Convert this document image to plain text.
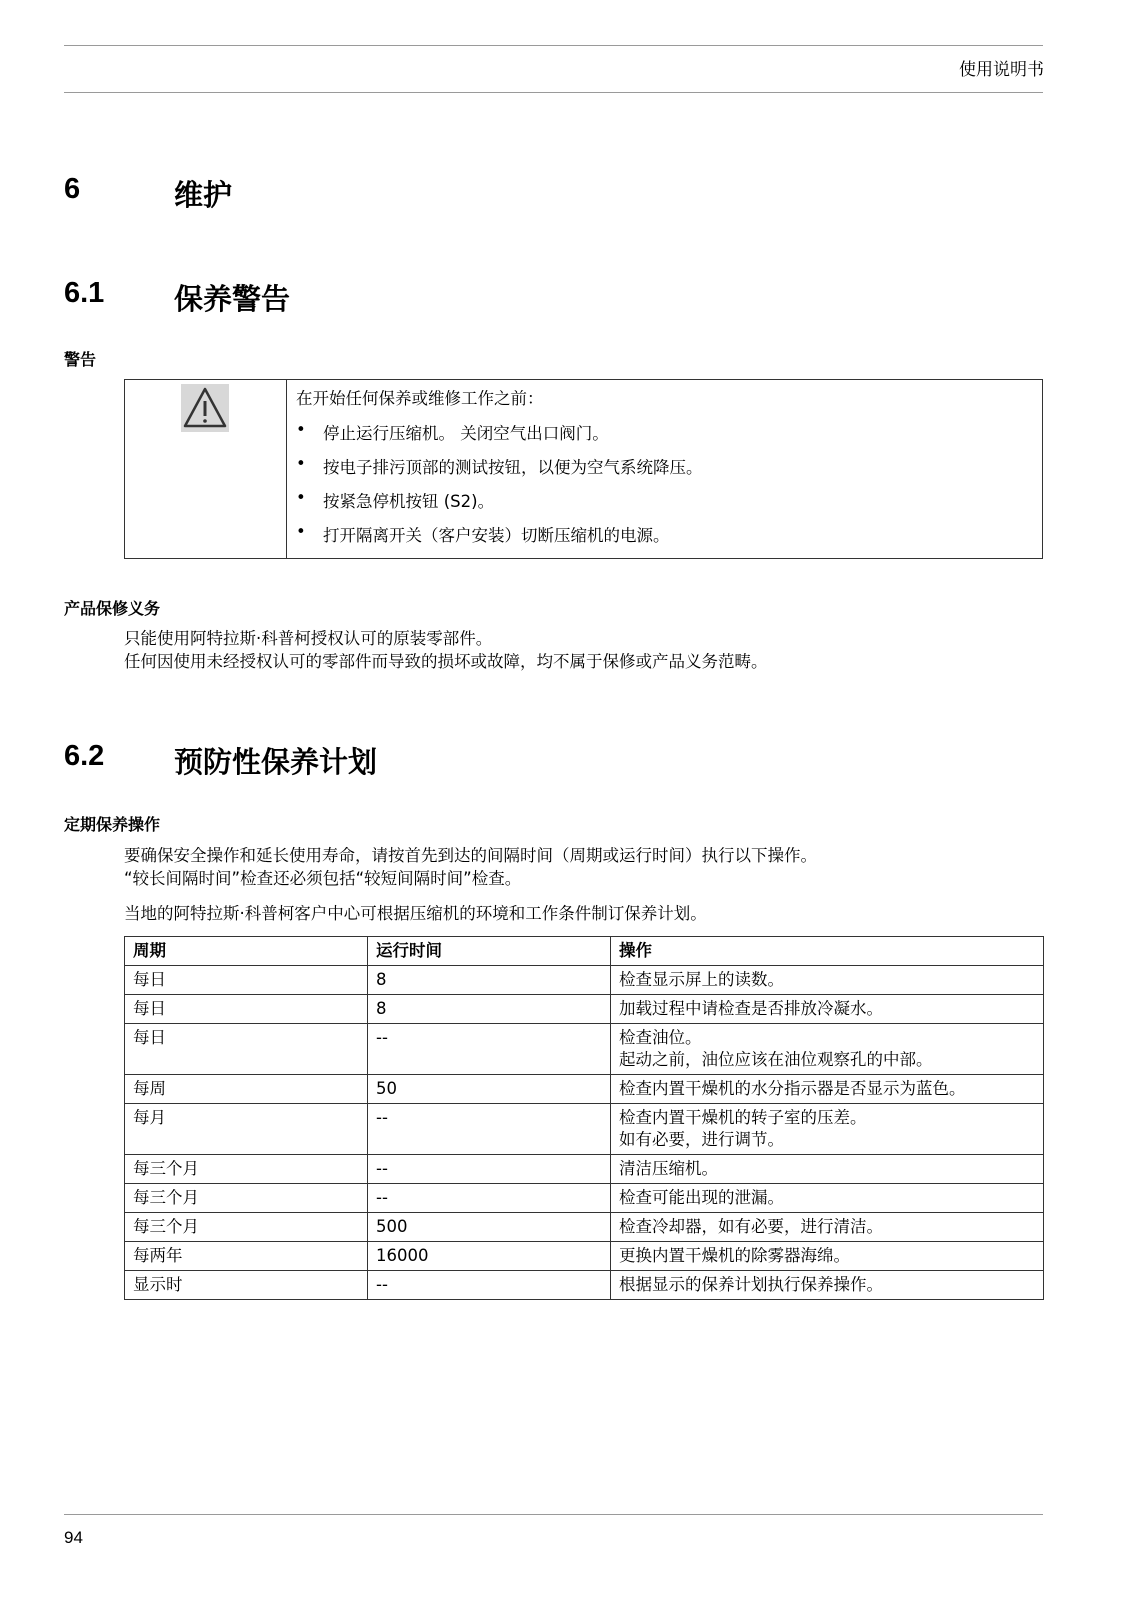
使用说明书
6	维护
6.1 保养警告
警告
在开始任何保养或维修工作之前：
• 停止运行压缩机。 关闭空气出口阀门。
• 按电子排污顶部的测试按钮，以便为空气系统降压。
• 按紧急停机按钮 (S2)。
• 打开隔离开关（客户安装）切断压缩机的电源。
产品保修义务
只能使用阿特拉斯·科普柯授权认可的原装零部件。
任何因使用未经授权认可的零部件而导致的损坏或故障，均不属于保修或产品义务范畴。
6.2 预防性保养计划
定期保养操作
要确保安全操作和延长使用寿命，请按首先到达的间隔时间（周期或运行时间）执行以下操作。
“较长间隔时间”检查还必须包括“较短间隔时间”检查。
当地的阿特拉斯·科普柯客户中心可根据压缩机的环境和工作条件制订保养计划。
周期	运行时间	操作
每日	8	检查显示屏上的读数。
每日	8	加载过程中请检查是否排放冷凝水。
每日	--	检查油位。
起动之前，油位应该在油位观察孔的中部。
每周	50	检查内置干燥机的水分指示器是否显示为蓝色。
每月	--	检查内置干燥机的转子室的压差。
如有必要，进行调节。
每三个月	--	清洁压缩机。
每三个月	--	检查可能出现的泄漏。
每三个月	500	检查冷却器，如有必要，进行清洁。
每两年	16000	更换内置干燥机的除雾器海绵。
显示时	--	根据显示的保养计划执行保养操作。
94
